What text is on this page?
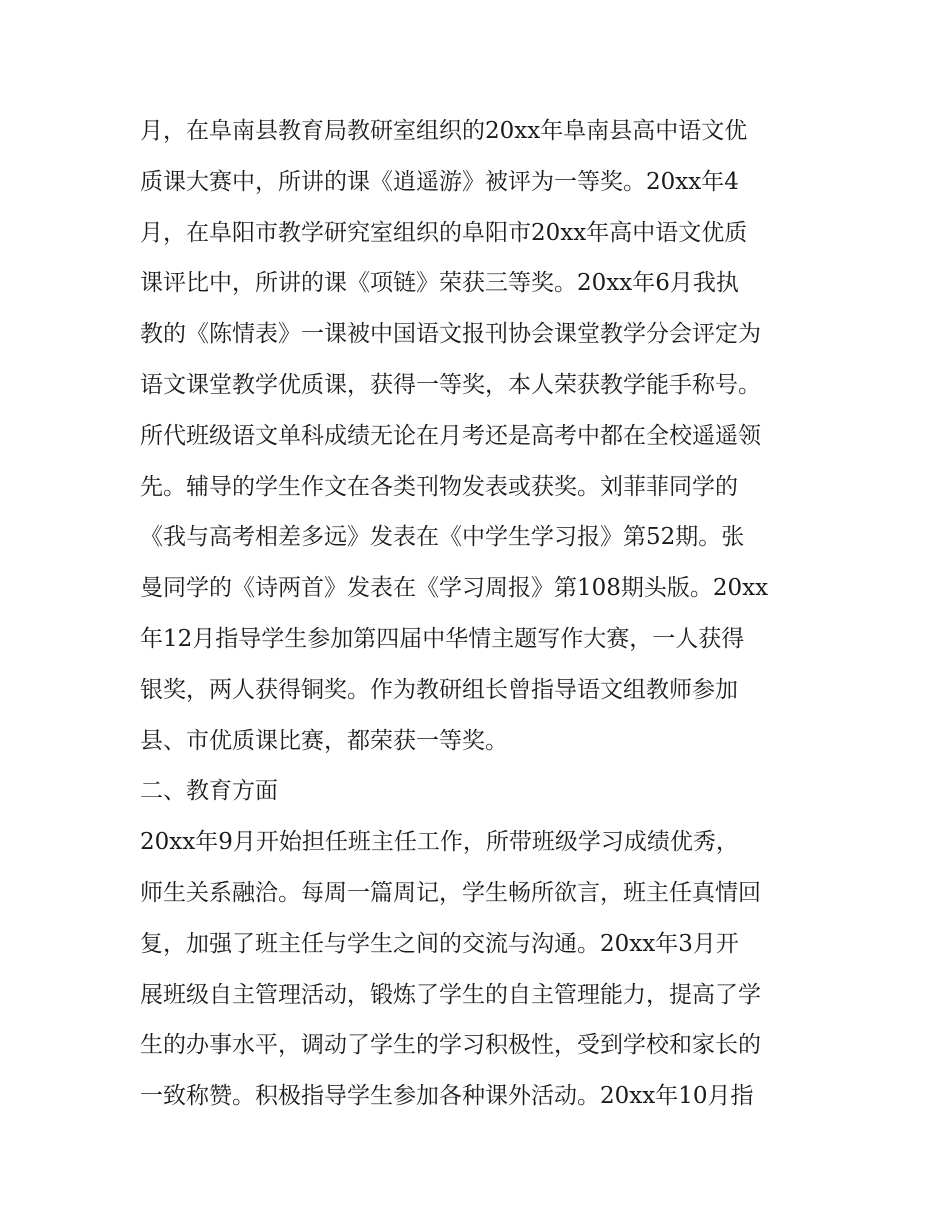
月，在阜南县教育局教研室组织的20xx年阜南县高中语文优
质课大赛中，所讲的课《逍遥游》被评为一等奖。20xx年4
月，在阜阳市教学研究室组织的阜阳市20xx年高中语文优质
课评比中，所讲的课《项链》荣获三等奖。20xx年6月我执
教的《陈情表》一课被中国语文报刊协会课堂教学分会评定为
语文课堂教学优质课，获得一等奖，本人荣获教学能手称号。
所代班级语文单科成绩无论在月考还是高考中都在全校遥遥领
先。辅导的学生作文在各类刊物发表或获奖。刘菲菲同学的
《我与高考相差多远》发表在《中学生学习报》第52期。张
曼同学的《诗两首》发表在《学习周报》第108期头版。20xx
年12月指导学生参加第四届中华情主题写作大赛，一人获得
银奖，两人获得铜奖。作为教研组长曾指导语文组教师参加
县、市优质课比赛，都荣获一等奖。
二、教育方面
20xx年9月开始担任班主任工作，所带班级学习成绩优秀，
师生关系融洽。每周一篇周记，学生畅所欲言，班主任真情回
复，加强了班主任与学生之间的交流与沟通。20xx年3月开
展班级自主管理活动，锻炼了学生的自主管理能力，提高了学
生的办事水平，调动了学生的学习积极性，受到学校和家长的
一致称赞。积极指导学生参加各种课外活动。20xx年10月指
